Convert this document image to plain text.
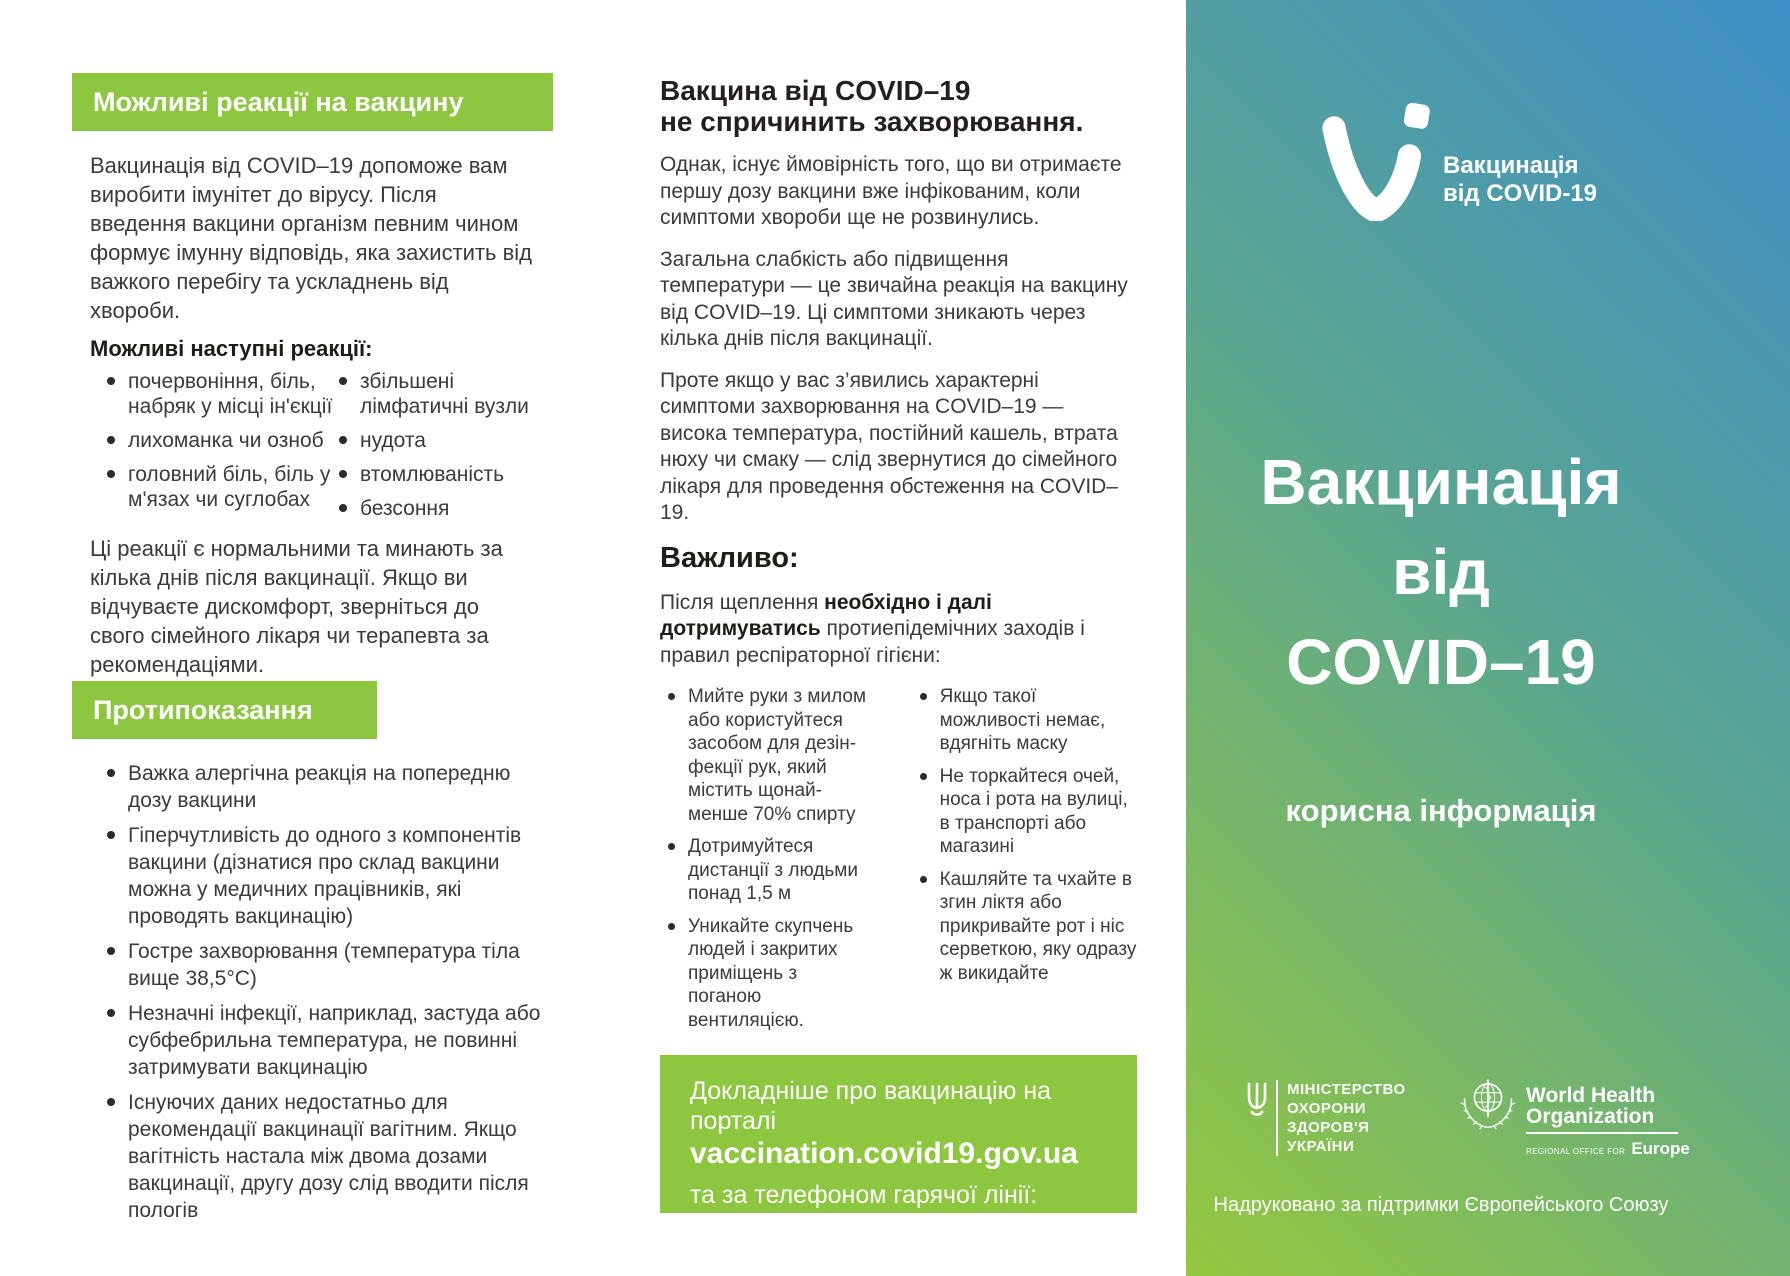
Можливі реакції на вакцину

Вакцинація від COVID–19 допоможе вам виробити імунітет до вірусу. Після введення вакцини організм певним чином формує імунну відповідь, яка захистить від важкого перебігу та ускладнень від хвороби.

Можливі наступні реакції:

почервоніння, біль, набряк у місці ін'єкції
лихоманка чи озноб
головний біль, біль у м'язах чи суглобах
збільшені лімфатичні вузли
нудота
втомлюваність
безсоння

Ці реакції є нормальними та минають за кілька днів після вакцинації. Якщо ви відчуваєте дискомфорт, зверніться до свого сімейного лікаря чи терапевта за рекомендаціями.

Протипоказання
Важка алергічна реакція на попередню дозу вакцини
Гіперчутливість до одного з компонентів вакцини (дізнатися про склад вакцини можна у медичних працівників, які проводять вакцинацію)
Гостре захворювання (температура тіла вище 38,5°С)
Незначні інфекції, наприклад, застуда або субфебрильна температура, не повинні затримувати вакцинацію
Існуючих даних недостатньо для рекомендації вакцинації вагітним. Якщо вагітність настала між двома дозами вакцинації, другу дозу слід вводити після пологів
Вакцина від COVID–19
не спричинить захворювання.

Однак, існує ймовірність того, що ви отримаєте першу дозу вакцини вже інфікованим, коли симптоми хвороби ще не розвинулись.

Загальна слабкість або підвищення температури — це звичайна реакція на вакцину від COVID–19. Ці симптоми зникають через кілька днів після вакцинації.

Проте якщо у вас з’явились характерні симптоми захворювання на COVID–19 — висока температура, постійний кашель, втрата нюху чи смаку — слід звернутися до сімейного лікаря для проведення обстеження на COVID–19.

Важливо:

Після щеплення необхідно і далі дотримуватись протиепідемічних заходів і правил респіраторної гігієни:

Мийте руки з милом або користуйтеся засобом для дезін- фекції рук, який містить щонай- менше 70% спирту
Дотримуйтеся дистанції з людьми понад 1,5 м
Уникайте скупчень людей і закритих приміщень з поганою вентиляцією.
Якщо такої можливості немає, вдягніть маску
Не торкайтеся очей, носа і рота на вулиці, в транспорті або магазині
Кашляйте та чхайте в згин ліктя або прикривайте рот і ніс серветкою, яку одразу ж викидайте
Докладніше про вакцинацію на порталі
vaccination.covid19.gov.ua
та за телефоном гарячої лінії:
0 800 60 20 19
Вакцинація
від COVID-19
Вакцинація
від
COVID–19
корисна інформація
МІНІСТЕРСТВО
ОХОРОНИ
ЗДОРОВ'Я
УКРАЇНИ
World Health
Organization
REGIONAL OFFICE FOR Europe
Надруковано за підтримки Європейського Союзу
